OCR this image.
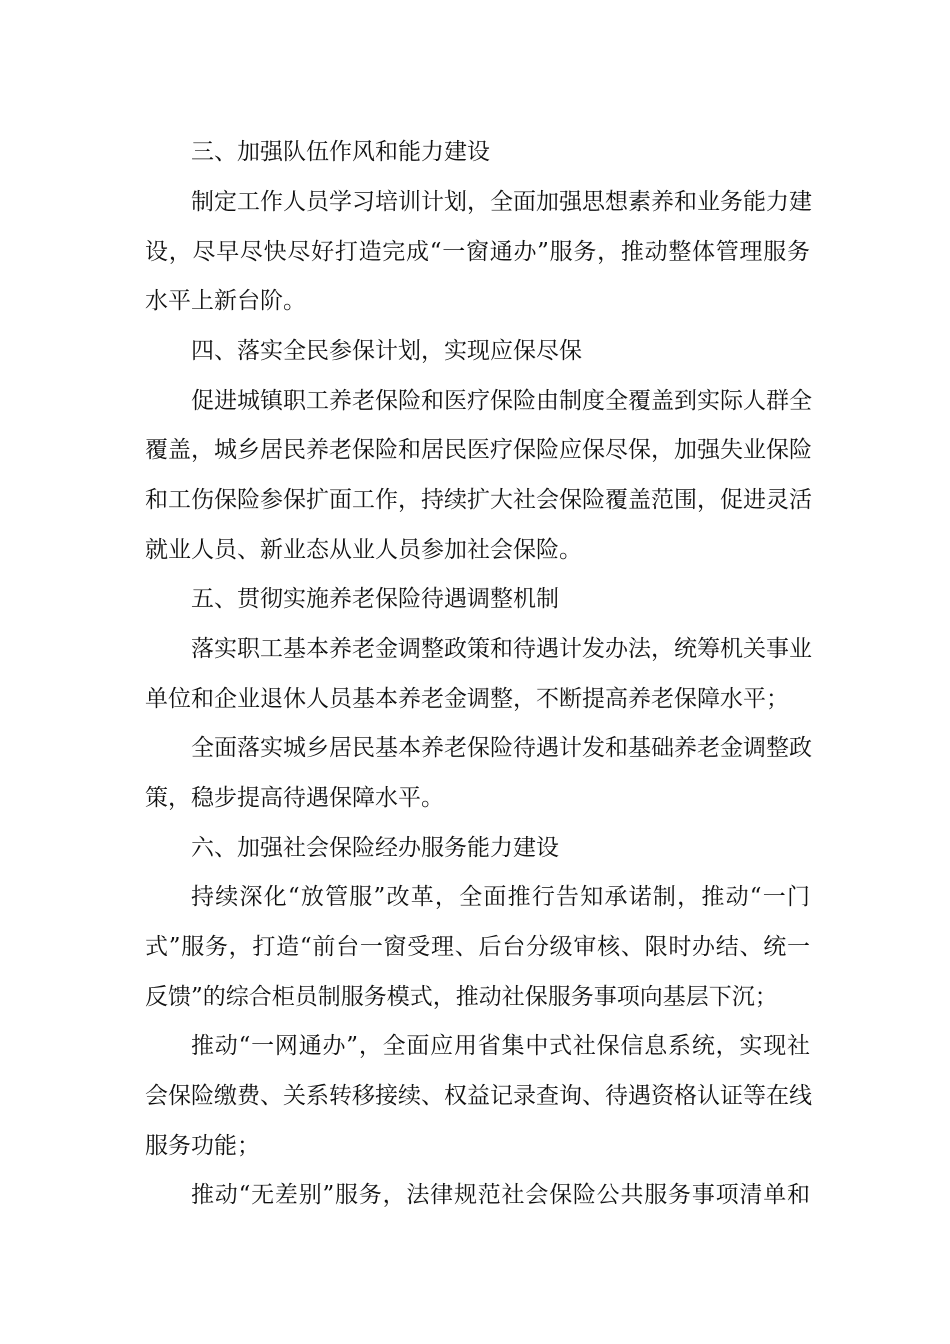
三、加强队伍作风和能力建设
制定工作人员学习培训计划，全面加强思想素养和业务能力建
设，尽早尽快尽好打造完成“一窗通办”服务，推动整体管理服务
水平上新台阶。
四、落实全民参保计划，实现应保尽保
促进城镇职工养老保险和医疗保险由制度全覆盖到实际人群全
覆盖，城乡居民养老保险和居民医疗保险应保尽保，加强失业保险
和工伤保险参保扩面工作，持续扩大社会保险覆盖范围，促进灵活
就业人员、新业态从业人员参加社会保险。
五、贯彻实施养老保险待遇调整机制
落实职工基本养老金调整政策和待遇计发办法，统筹机关事业
单位和企业退休人员基本养老金调整，不断提高养老保障水平；
全面落实城乡居民基本养老保险待遇计发和基础养老金调整政
策，稳步提高待遇保障水平。
六、加强社会保险经办服务能力建设
持续深化“放管服”改革，全面推行告知承诺制，推动“一门
式”服务，打造“前台一窗受理、后台分级审核、限时办结、统一
反馈”的综合柜员制服务模式，推动社保服务事项向基层下沉；
推动“一网通办”，全面应用省集中式社保信息系统，实现社
会保险缴费、关系转移接续、权益记录查询、待遇资格认证等在线
服务功能；
推动“无差别”服务，法律规范社会保险公共服务事项清单和
